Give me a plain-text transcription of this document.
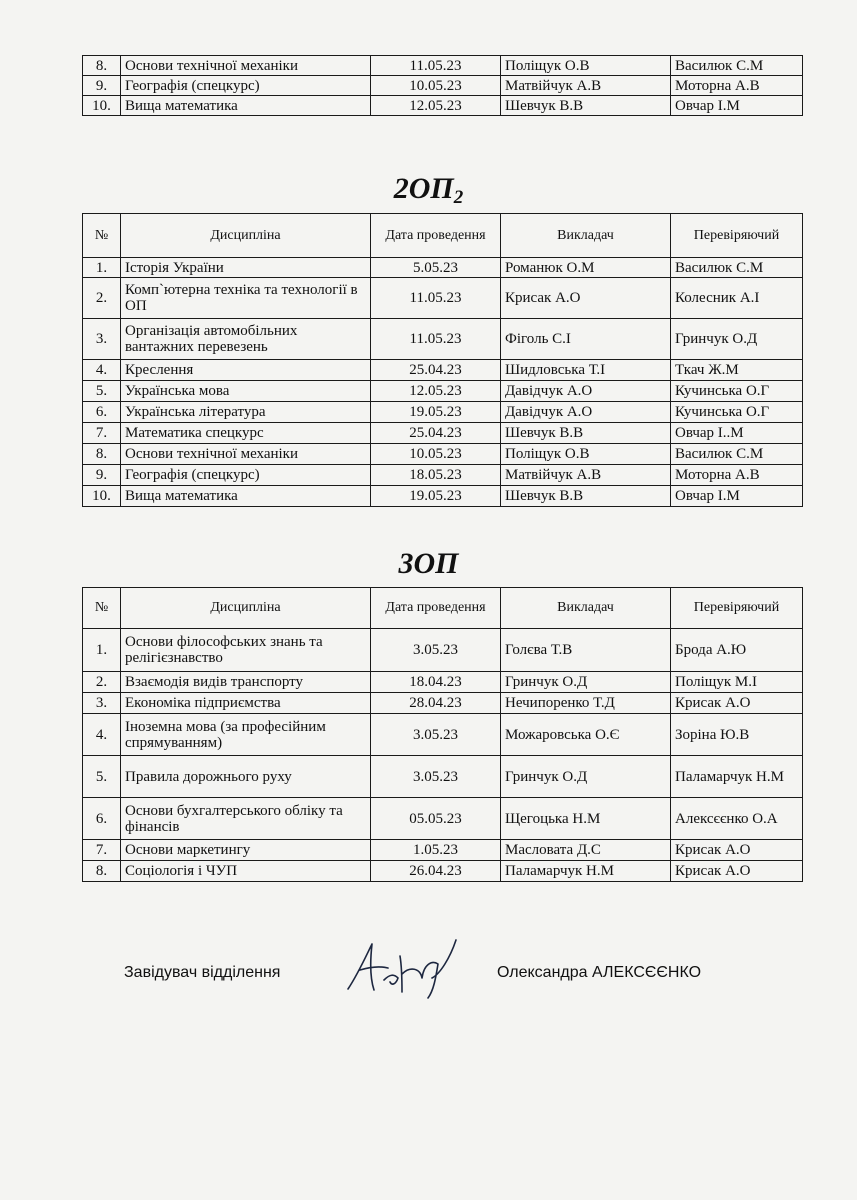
8.	Основи технічної механіки	11.05.23	Поліщук О.В	Василюк С.М
9.	Географія (спецкурс)	10.05.23	Матвійчук А.В	Моторна А.В
10.	Вища математика	12.05.23	Шевчук В.В	Овчар І.М
$2ОП_2$
№	Дисципліна	Дата проведення	Викладач	Перевіряючий
1.	Історія України	5.05.23	Романюк О.М	Василюк С.М
2.	Комп`ютерна техніка та технології в ОП	11.05.23	Крисак А.О	Колесник А.І
3.	Організація автомобільних вантажних перевезень	11.05.23	Фіголь С.І	Гринчук О.Д
4.	Креслення	25.04.23	Шидловська Т.І	Ткач Ж.М
5.	Українська мова	12.05.23	Давідчук А.О	Кучинська О.Г
6.	Українська література	19.05.23	Давідчук А.О	Кучинська О.Г
7.	Математика спецкурс	25.04.23	Шевчук В.В	Овчар І..М
8.	Основи технічної механіки	10.05.23	Поліщук О.В	Василюк С.М
9.	Географія (спецкурс)	18.05.23	Матвійчук А.В	Моторна А.В
10.	Вища математика	19.05.23	Шевчук В.В	Овчар І.М
3ОП
№	Дисципліна	Дата проведення	Викладач	Перевіряючий
1.	Основи філософських знань та релігієзнавство	3.05.23	Голєва Т.В	Брода А.Ю
2.	Взаємодія видів транспорту	18.04.23	Гринчук О.Д	Поліщук М.І
3.	Економіка підприємства	28.04.23	Нечипоренко Т.Д	Крисак А.О
4.	Іноземна мова (за професійним спрямуванням)	3.05.23	Можаровська О.Є	Зоріна Ю.В
5.	Правила дорожнього руху	3.05.23	Гринчук О.Д	Паламарчук Н.М
6.	Основи бухгалтерського обліку та фінансів	05.05.23	Щегоцька Н.М	Алексєєнко О.А
7.	Основи маркетингу	1.05.23	Масловата Д.С	Крисак А.О
8.	Соціологія і ЧУП	26.04.23	Паламарчук Н.М	Крисак А.О
Завідувач відділення	Олександра АЛЕКСЄЄНКО
